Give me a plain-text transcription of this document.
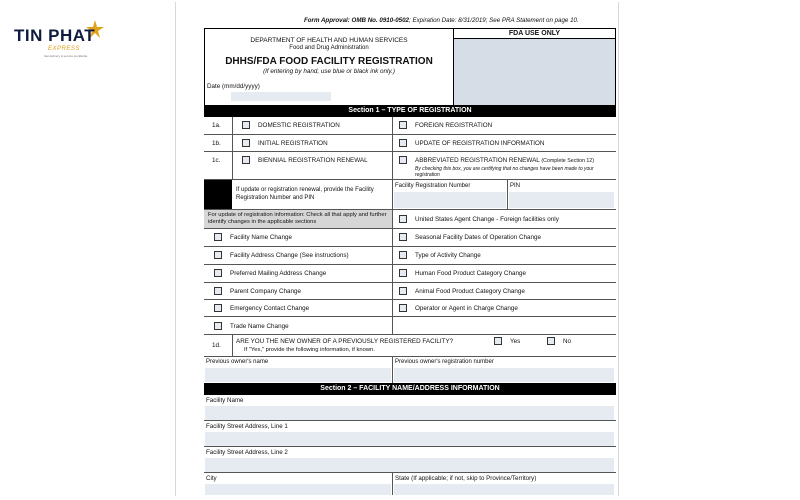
TIN PHAT
EXPRESS
fast delivery & service worldwide
Form Approval: OMB No. 0910-0502; Expiration Date: 8/31/2019; See PRA Statement on page 10.
DEPARTMENT OF HEALTH AND HUMAN SERVICES
Food and Drug Administration
DHHS/FDA FOOD FACILITY REGISTRATION
(If entering by hand, use blue or black ink only.)
Date (mm/dd/yyyy)
FDA USE ONLY
Section 1 – TYPE OF REGISTRATION
1a.	DOMESTIC REGISTRATION	FOREIGN REGISTRATION
1b.	INITIAL REGISTRATION	UPDATE OF REGISTRATION INFORMATION
1c.	BIENNIAL REGISTRATION RENEWAL	ABBREVIATED REGISTRATION RENEWAL (Complete Section 12)
By checking this box, you are certifying that no changes have been made to your registration
If update or registration renewal, provide the Facility Registration Number and PIN
Facility Registration Number	PIN
For update of registration information: Check all that apply and further identify changes in the applicable sections	United States Agent Change - Foreign facilities only
Facility Name Change	Seasonal Facility Dates of Operation Change
Facility Address Change (See instructions)	Type of Activity Change
Preferred Mailing Address Change	Human Food Product Category Change
Parent Company Change	Animal Food Product Category Change
Emergency Contact Change	Operator or Agent in Charge Change
Trade Name Change
1d.
ARE YOU THE NEW OWNER OF A PREVIOUSLY REGISTERED FACILITY?
If "Yes," provide the following information, if known.
Yes	No
Previous owner's name	Previous owner's registration number
Section 2 – FACILITY NAME/ADDRESS INFORMATION
Facility Name
Facility Street Address, Line 1
Facility Street Address, Line 2
City	State (If applicable; if not, skip to Province/Territory)
